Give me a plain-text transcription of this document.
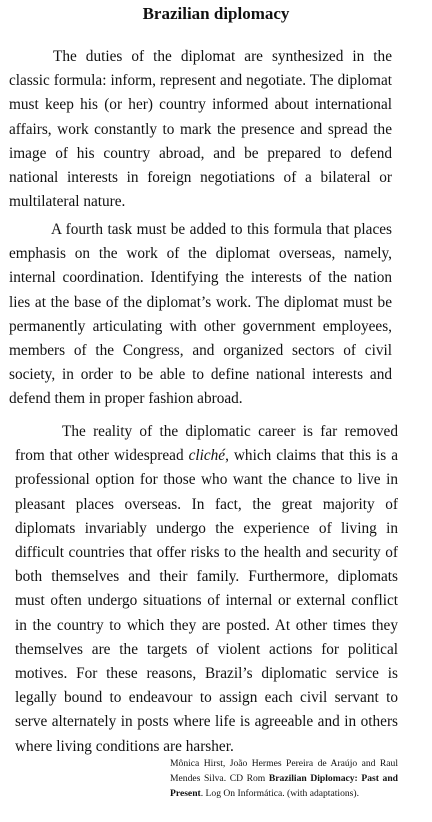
Brazilian diplomacy

The duties of the diplomat are synthesized in the classic formula: inform, represent and negotiate. The diplomat must keep his (or her) country informed about international affairs, work constantly to mark the presence and spread the image of his country abroad, and be prepared to defend national interests in foreign negotiations of a bilateral or multilateral nature.

A fourth task must be added to this formula that places emphasis on the work of the diplomat overseas, namely, internal coordination. Identifying the interests of the nation lies at the base of the diplomat’s work. The diplomat must be permanently articulating with other government employees, members of the Congress, and organized sectors of civil society, in order to be able to define national interests and defend them in proper fashion abroad.

The reality of the diplomatic career is far removed from that other widespread cliché, which claims that this is a professional option for those who want the chance to live in pleasant places overseas. In fact, the great majority of diplomats invariably undergo the experience of living in difficult countries that offer risks to the health and security of both themselves and their family. Furthermore, diplomats must often undergo situations of internal or external conflict in the country to which they are posted. At other times they themselves are the targets of violent actions for political motives. For these reasons, Brazil’s diplomatic service is legally bound to endeavour to assign each civil servant to serve alternately in posts where life is agreeable and in others where living conditions are harsher.

Mônica Hirst, João Hermes Pereira de Araújo and Raul Mendes Silva. CD Rom Brazilian Diplomacy: Past and Present. Log On Informática. (with adaptations).
